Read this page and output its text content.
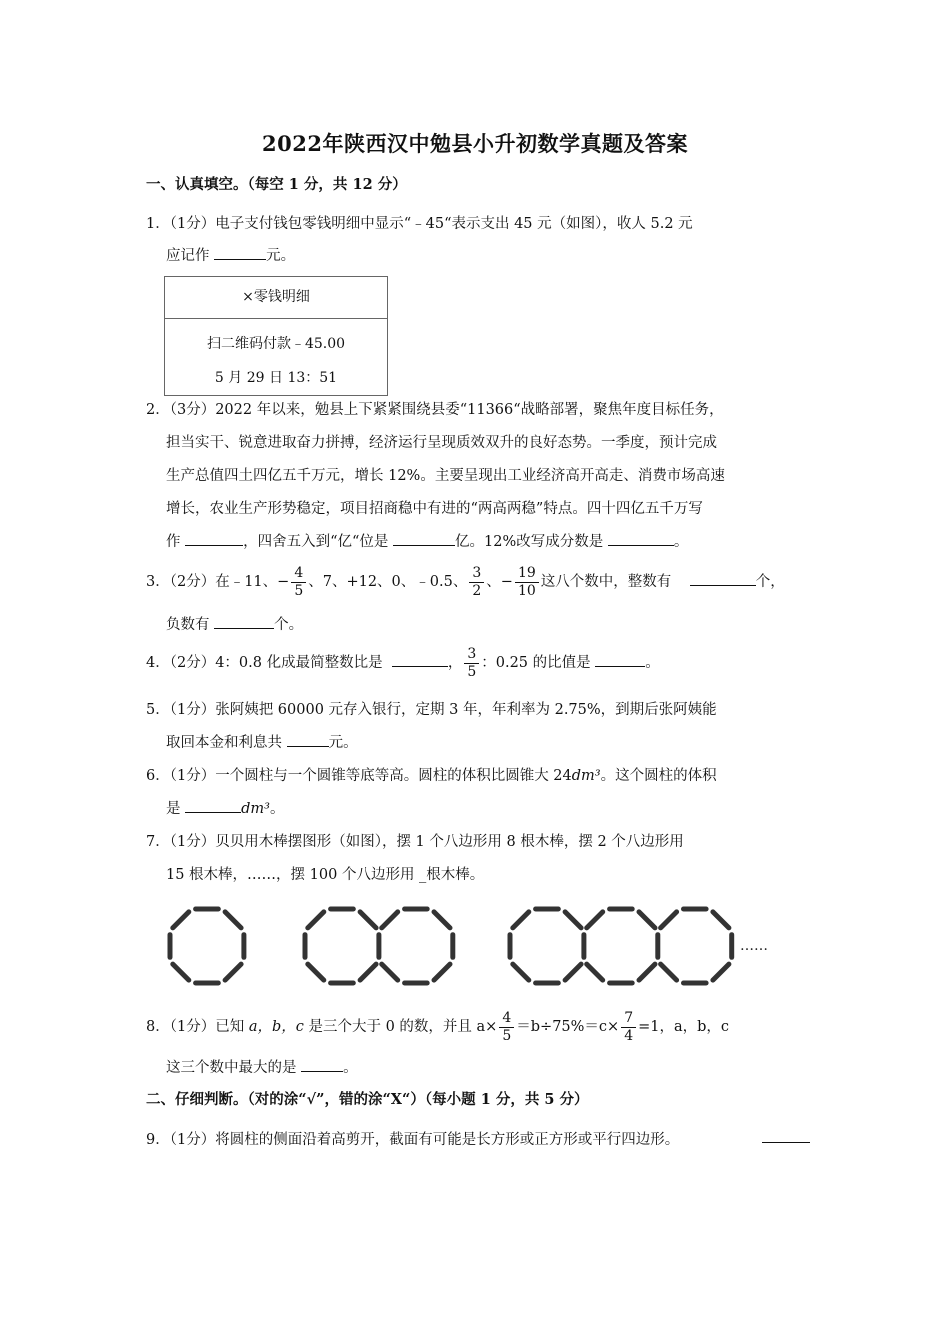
2022年陕西汉中勉县小升初数学真题及答案
一、认真填空。（每空 1 分，共 12 分）
1．（1分）电子支付钱包零钱明细中显示“﹣45“表示支出 45 元（如图），收人 5.2 元
应记作	元。
×零钱明细
扫二维码付款﹣45.00
5 月 29 日 13：51
2．（3分）2022 年以来，勉县上下紧紧围绕县委“11366“战略部署，聚焦年度目标任务，
担当实干、锐意进取奋力拼搏，经济运行呈现质效双升的良好态势。一季度，预计完成
生产总值四土四亿五千万元，增长 12%。主要呈现出工业经济高开高走、消费市场高速
增长，农业生产形势稳定，项目招商稳中有进的“两高两稳”特点。四十四亿五千万写
作	，四舍五入到“亿“位是	亿。12%改写成分数是	。
3．（2分）在﹣11、− $\frac{4}{5}$ 、7、+12、0、﹣0.5、 $\frac{3}{2}$ 、− $\frac{19}{10}$ 这八个数中，整数有	个，
负数有	个。
4．（2分）4：0.8 化成最简整数比是	， $\frac{3}{5}$ ：0.25 的比值是	。
5．（1分）张阿姨把 60000 元存入银行，定期 3 年，年利率为 2.75%，到期后张阿姨能
取回本金和利息共	元。
6．（1分）一个圆柱与一个圆锥等底等高。圆柱的体积比圆锥大 24dm³。这个圆柱的体积
是	dm³。
7．（1分）贝贝用木棒摆图形（如图），摆 1 个八边形用 8 根木棒，摆 2 个八边形用
15 根木棒，……，摆 100 个八边形用 _根木棒。
……
8．（1分）已知 a，b，c 是三个大于 0 的数，并且 $a\times \frac{4}{5} =b\div 75\%=c\times \frac{7}{4} =1$，a，b，c
这三个数中最大的是	。
二、仔细判断。（对的涂“√”，错的涂“X“）（每小题 1 分，共 5 分）
9．（1分）将圆柱的侧面沿着高剪开，截面有可能是长方形或正方形或平行四边形。
